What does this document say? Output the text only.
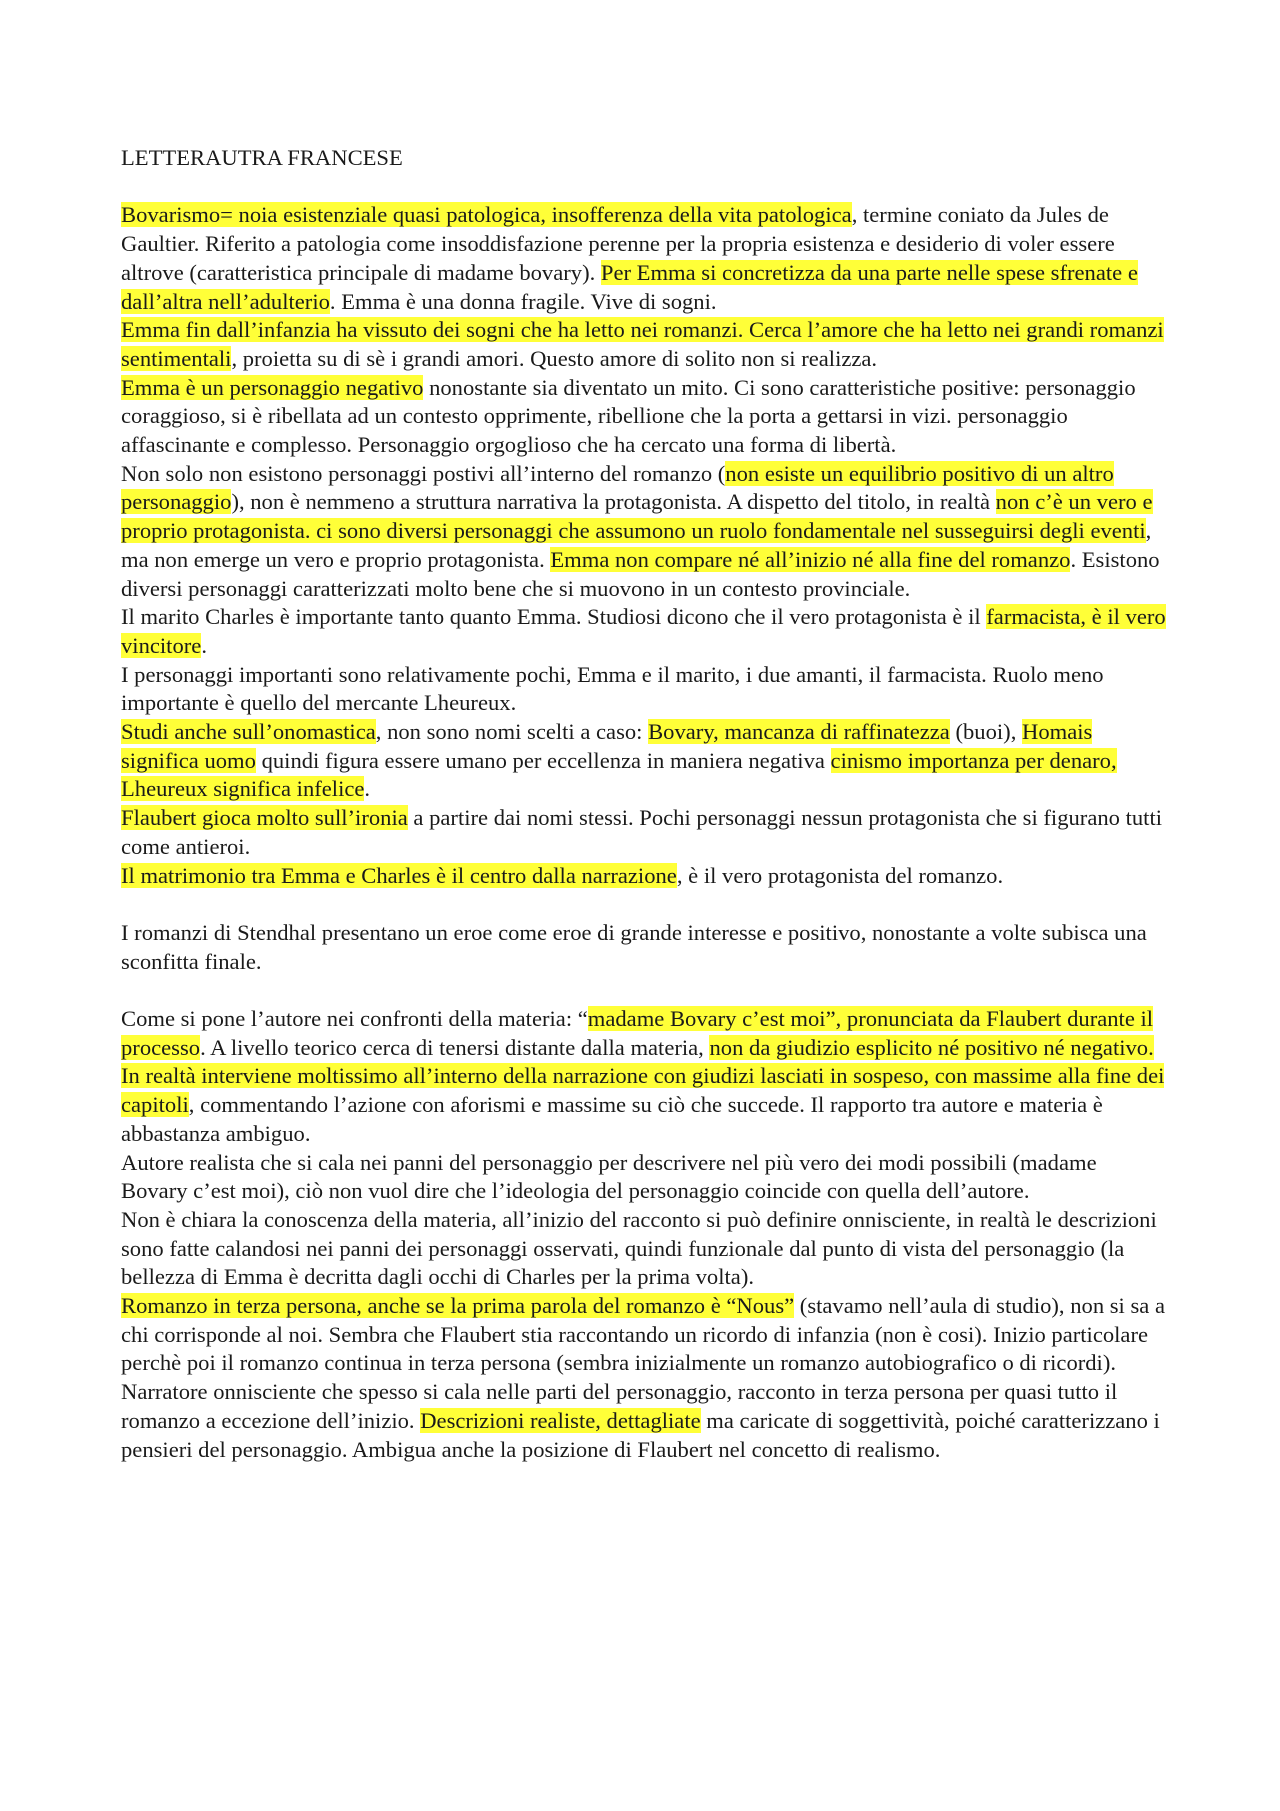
LETTERAUTRA FRANCESE

Bovarismo= noia esistenziale quasi patologica, insofferenza della vita patologica, termine coniato da Jules de Gaultier. Riferito a patologia come insoddisfazione perenne per la propria esistenza e desiderio di voler essere altrove (caratteristica principale di madame bovary). Per Emma si concretizza da una parte nelle spese sfrenate e dall’altra nell’adulterio. Emma è una donna fragile. Vive di sogni.

Emma fin dall’infanzia ha vissuto dei sogni che ha letto nei romanzi. Cerca l’amore che ha letto nei grandi romanzi sentimentali, proietta su di sè i grandi amori. Questo amore di solito non si realizza.

Emma è un personaggio negativo nonostante sia diventato un mito. Ci sono caratteristiche positive: personaggio coraggioso, si è ribellata ad un contesto opprimente, ribellione che la porta a gettarsi in vizi. personaggio affascinante e complesso. Personaggio orgoglioso che ha cercato una forma di libertà.

Non solo non esistono personaggi postivi all’interno del romanzo (non esiste un equilibrio positivo di un altro personaggio), non è nemmeno a struttura narrativa la protagonista. A dispetto del titolo, in realtà non c’è un vero e proprio protagonista. ci sono diversi personaggi che assumono un ruolo fondamentale nel susseguirsi degli eventi, ma non emerge un vero e proprio protagonista. Emma non compare né all’inizio né alla fine del romanzo. Esistono diversi personaggi caratterizzati molto bene che si muovono in un contesto provinciale.

Il marito Charles è importante tanto quanto Emma. Studiosi dicono che il vero protagonista è il farmacista, è il vero vincitore.

I personaggi importanti sono relativamente pochi, Emma e il marito, i due amanti, il farmacista. Ruolo meno importante è quello del mercante Lheureux.

Studi anche sull’onomastica, non sono nomi scelti a caso: Bovary, mancanza di raffinatezza (buoi), Homais significa uomo quindi figura essere umano per eccellenza in maniera negativa cinismo importanza per denaro, Lheureux significa infelice.

Flaubert gioca molto sull’ironia a partire dai nomi stessi. Pochi personaggi nessun protagonista che si figurano tutti come antieroi.

Il matrimonio tra Emma e Charles è il centro dalla narrazione, è il vero protagonista del romanzo.

I romanzi di Stendhal presentano un eroe come eroe di grande interesse e positivo, nonostante a volte subisca una sconfitta finale.

Come si pone l’autore nei confronti della materia: “madame Bovary c’est moi”, pronunciata da Flaubert durante il processo. A livello teorico cerca di tenersi distante dalla materia, non da giudizio esplicito né positivo né negativo. In realtà interviene moltissimo all’interno della narrazione con giudizi lasciati in sospeso, con massime alla fine dei capitoli, commentando l’azione con aforismi e massime su ciò che succede. Il rapporto tra autore e materia è abbastanza ambiguo.

Autore realista che si cala nei panni del personaggio per descrivere nel più vero dei modi possibili (madame Bovary c’est moi), ciò non vuol dire che l’ideologia del personaggio coincide con quella dell’autore.

Non è chiara la conoscenza della materia, all’inizio del racconto si può definire onnisciente, in realtà le descrizioni sono fatte calandosi nei panni dei personaggi osservati, quindi funzionale dal punto di vista del personaggio (la bellezza di Emma è decritta dagli occhi di Charles per la prima volta).

Romanzo in terza persona, anche se la prima parola del romanzo è “Nous” (stavamo nell’aula di studio), non si sa a chi corrisponde al noi. Sembra che Flaubert stia raccontando un ricordo di infanzia (non è cosi). Inizio particolare perchè poi il romanzo continua in terza persona (sembra inizialmente un romanzo autobiografico o di ricordi).

Narratore onnisciente che spesso si cala nelle parti del personaggio, racconto in terza persona per quasi tutto il romanzo a eccezione dell’inizio. Descrizioni realiste, dettagliate ma caricate di soggettività, poiché caratterizzano i pensieri del personaggio. Ambigua anche la posizione di Flaubert nel concetto di realismo.
